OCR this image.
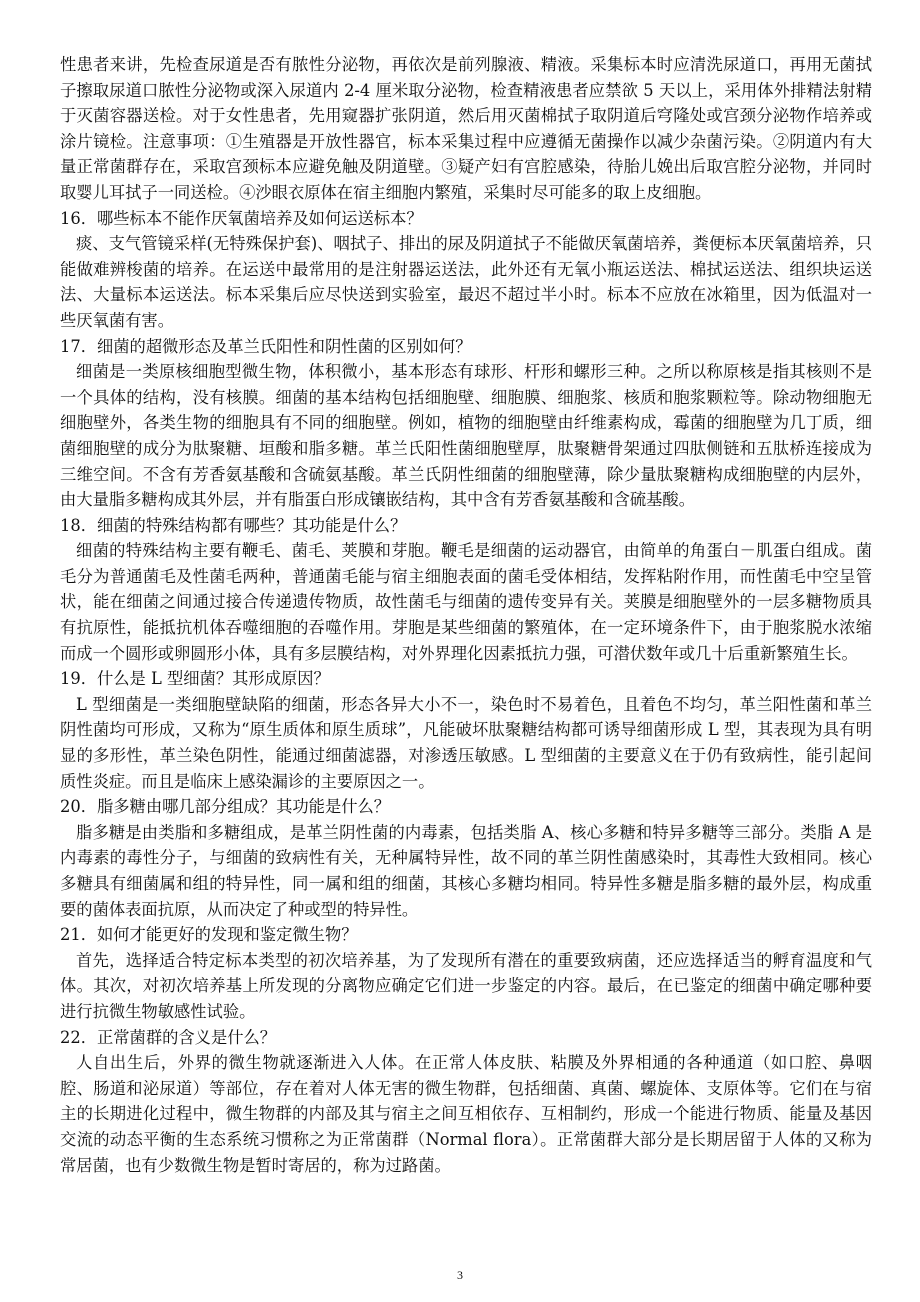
性患者来讲，先检查尿道是否有脓性分泌物，再依次是前列腺液、精液。采集标本时应清洗尿道口，再用无菌拭子擦取尿道口脓性分泌物或深入尿道内 2-4 厘米取分泌物，检查精液患者应禁欲 5 天以上，采用体外排精法射精于灭菌容器送检。对于女性患者，先用窥器扩张阴道，然后用灭菌棉拭子取阴道后穹隆处或宫颈分泌物作培养或涂片镜检。注意事项：①生殖器是开放性器官，标本采集过程中应遵循无菌操作以减少杂菌污染。②阴道内有大量正常菌群存在，采取宫颈标本应避免触及阴道壁。③疑产妇有宫腔感染，待胎儿娩出后取宫腔分泌物，并同时取婴儿耳拭子一同送检。④沙眼衣原体在宿主细胞内繁殖，采集时尽可能多的取上皮细胞。

16．哪些标本不能作厌氧菌培养及如何运送标本？

痰、支气管镜采样(无特殊保护套)、咽拭子、排出的尿及阴道拭子不能做厌氧菌培养，粪便标本厌氧菌培养，只能做难辨梭菌的培养。在运送中最常用的是注射器运送法，此外还有无氧小瓶运送法、棉拭运送法、组织块运送法、大量标本运送法。标本采集后应尽快送到实验室，最迟不超过半小时。标本不应放在冰箱里，因为低温对一些厌氧菌有害。

17．细菌的超微形态及革兰氏阳性和阴性菌的区别如何？

细菌是一类原核细胞型微生物，体积微小，基本形态有球形、杆形和螺形三种。之所以称原核是指其核则不是一个具体的结构，没有核膜。细菌的基本结构包括细胞壁、细胞膜、细胞浆、核质和胞浆颗粒等。除动物细胞无细胞壁外，各类生物的细胞具有不同的细胞壁。例如，植物的细胞壁由纤维素构成，霉菌的细胞壁为几丁质，细菌细胞壁的成分为肽聚糖、垣酸和脂多糖。革兰氏阳性菌细胞壁厚，肽聚糖骨架通过四肽侧链和五肽桥连接成为三维空间。不含有芳香氨基酸和含硫氨基酸。革兰氏阴性细菌的细胞壁薄，除少量肽聚糖构成细胞壁的内层外，由大量脂多糖构成其外层，并有脂蛋白形成镶嵌结构，其中含有芳香氨基酸和含硫基酸。

18．细菌的特殊结构都有哪些？其功能是什么？

细菌的特殊结构主要有鞭毛、菌毛、荚膜和芽胞。鞭毛是细菌的运动器官，由简单的角蛋白－肌蛋白组成。菌毛分为普通菌毛及性菌毛两种，普通菌毛能与宿主细胞表面的菌毛受体相结，发挥粘附作用，而性菌毛中空呈管状，能在细菌之间通过接合传递遗传物质，故性菌毛与细菌的遗传变异有关。荚膜是细胞壁外的一层多糖物质具有抗原性，能抵抗机体吞噬细胞的吞噬作用。芽胞是某些细菌的繁殖体，在一定环境条件下，由于胞浆脱水浓缩而成一个圆形或卵圆形小体，具有多层膜结构，对外界理化因素抵抗力强，可潜伏数年或几十后重新繁殖生长。

19．什么是 L 型细菌？其形成原因？

L 型细菌是一类细胞壁缺陷的细菌，形态各异大小不一，染色时不易着色，且着色不均匀，革兰阳性菌和革兰阴性菌均可形成，又称为“原生质体和原生质球”，凡能破坏肽聚糖结构都可诱导细菌形成 L 型，其表现为具有明显的多形性，革兰染色阴性，能通过细菌滤器，对渗透压敏感。L 型细菌的主要意义在于仍有致病性，能引起间质性炎症。而且是临床上感染漏诊的主要原因之一。

20．脂多糖由哪几部分组成？其功能是什么？

脂多糖是由类脂和多糖组成，是革兰阴性菌的内毒素，包括类脂 A、核心多糖和特异多糖等三部分。类脂 A 是内毒素的毒性分子，与细菌的致病性有关，无种属特异性，故不同的革兰阴性菌感染时，其毒性大致相同。核心多糖具有细菌属和组的特异性，同一属和组的细菌，其核心多糖均相同。特异性多糖是脂多糖的最外层，构成重要的菌体表面抗原，从而决定了种或型的特异性。

21．如何才能更好的发现和鉴定微生物？

首先，选择适合特定标本类型的初次培养基，为了发现所有潜在的重要致病菌，还应选择适当的孵育温度和气体。其次，对初次培养基上所发现的分离物应确定它们进一步鉴定的内容。最后，在已鉴定的细菌中确定哪种要进行抗微生物敏感性试验。

22．正常菌群的含义是什么？

人自出生后，外界的微生物就逐渐进入人体。在正常人体皮肤、粘膜及外界相通的各种通道（如口腔、鼻咽腔、肠道和泌尿道）等部位，存在着对人体无害的微生物群，包括细菌、真菌、螺旋体、支原体等。它们在与宿主的长期进化过程中，微生物群的内部及其与宿主之间互相依存、互相制约，形成一个能进行物质、能量及基因交流的动态平衡的生态系统习惯称之为正常菌群（Normal flora）。正常菌群大部分是长期居留于人体的又称为常居菌，也有少数微生物是暂时寄居的，称为过路菌。

3
